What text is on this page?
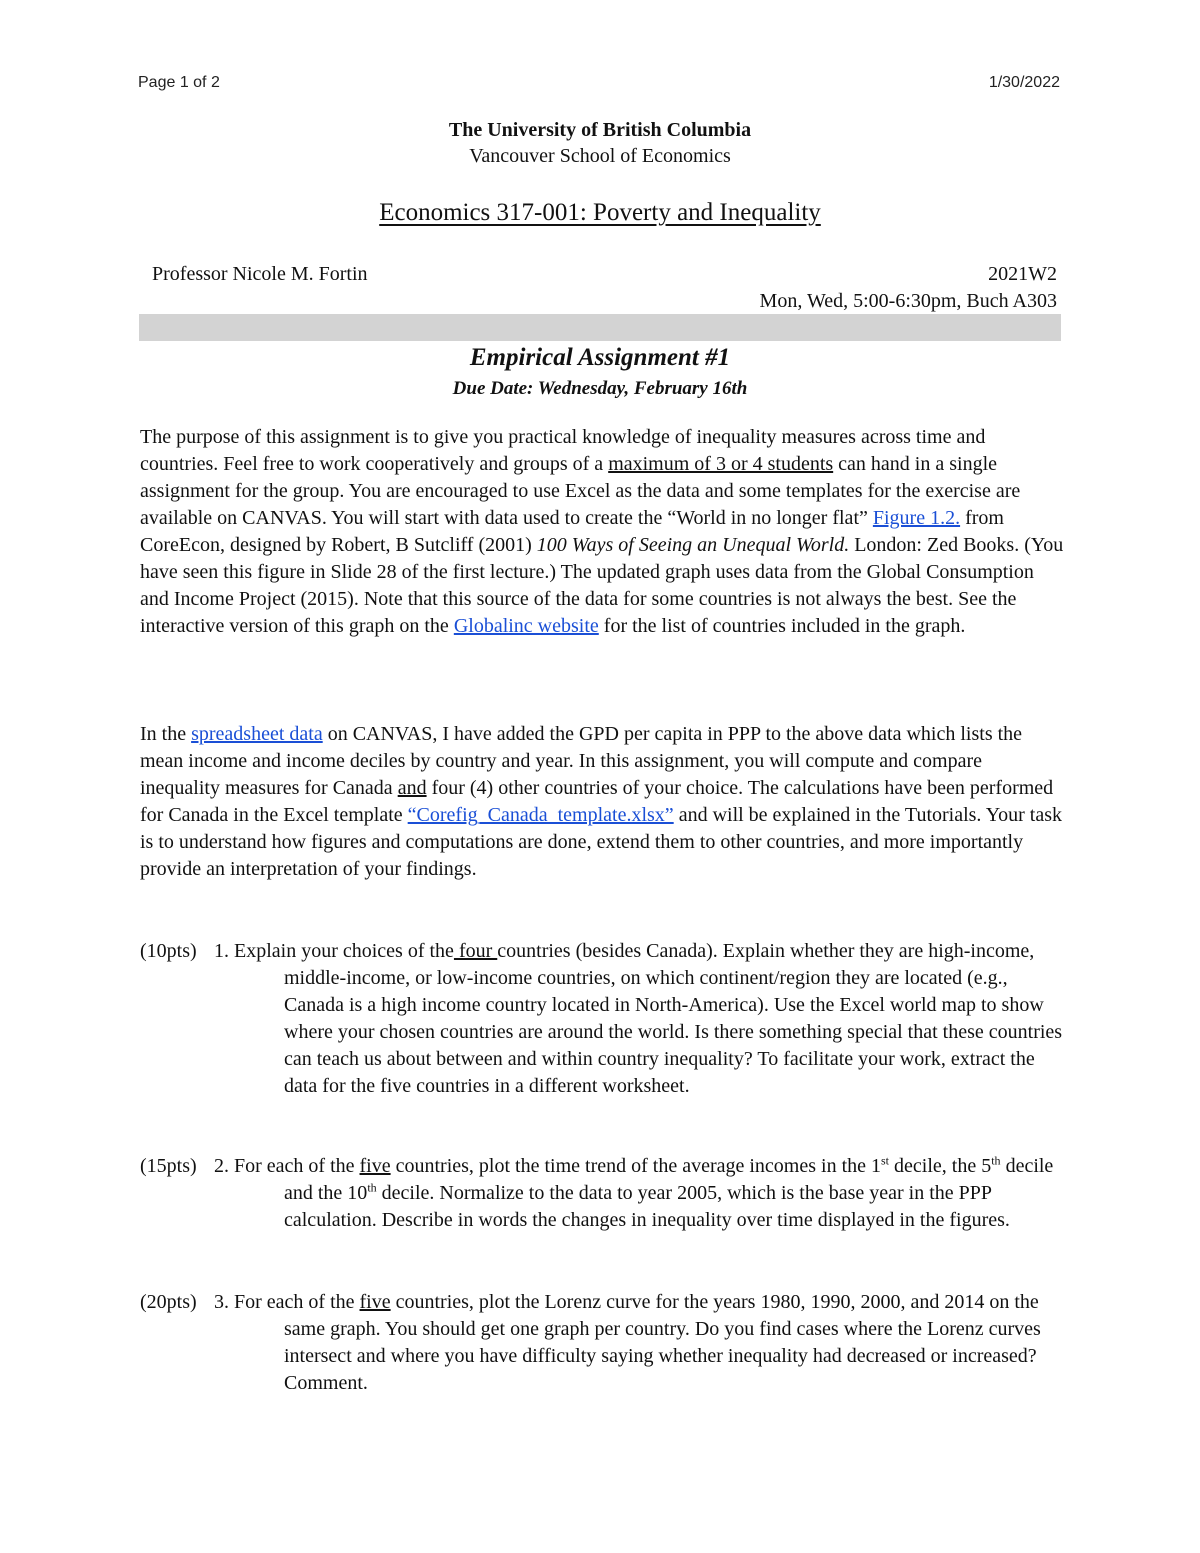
Page 1 of 2	1/30/2022
The University of British Columbia
Vancouver School of Economics
Economics 317-001: Poverty and Inequality
Professor Nicole M. Fortin	2021W2
Mon, Wed, 5:00-6:30pm, Buch A303
Empirical Assignment #1
Due Date: Wednesday, February 16th
The purpose of this assignment is to give you practical knowledge of inequality measures across time and countries. Feel free to work cooperatively and groups of a maximum of 3 or 4 students can hand in a single assignment for the group. You are encouraged to use Excel as the data and some templates for the exercise are available on CANVAS. You will start with data used to create the “World in no longer flat” Figure 1.2. from CoreEcon, designed by Robert, B Sutcliff (2001) 100 Ways of Seeing an Unequal World. London: Zed Books. (You have seen this figure in Slide 28 of the first lecture.) The updated graph uses data from the Global Consumption and Income Project (2015). Note that this source of the data for some countries is not always the best. See the interactive version of this graph on the Globalinc website for the list of countries included in the graph.
In the spreadsheet data on CANVAS, I have added the GPD per capita in PPP to the above data which lists the mean income and income deciles by country and year. In this assignment, you will compute and compare inequality measures for Canada and four (4) other countries of your choice. The calculations have been performed for Canada in the Excel template “Corefig_Canada_template.xlsx” and will be explained in the Tutorials. Your task is to understand how figures and computations are done, extend them to other countries, and more importantly provide an interpretation of your findings.
(10pts) 1. Explain your choices of the four countries (besides Canada). Explain whether they are high-income, middle-income, or low-income countries, on which continent/region they are located (e.g., Canada is a high income country located in North-America). Use the Excel world map to show where your chosen countries are around the world. Is there something special that these countries can teach us about between and within country inequality? To facilitate your work, extract the data for the five countries in a different worksheet.
(15pts) 2. For each of the five countries, plot the time trend of the average incomes in the 1st decile, the 5th decile and the 10th decile. Normalize to the data to year 2005, which is the base year in the PPP calculation. Describe in words the changes in inequality over time displayed in the figures.
(20pts) 3. For each of the five countries, plot the Lorenz curve for the years 1980, 1990, 2000, and 2014 on the same graph. You should get one graph per country. Do you find cases where the Lorenz curves intersect and where you have difficulty saying whether inequality had decreased or increased? Comment.
